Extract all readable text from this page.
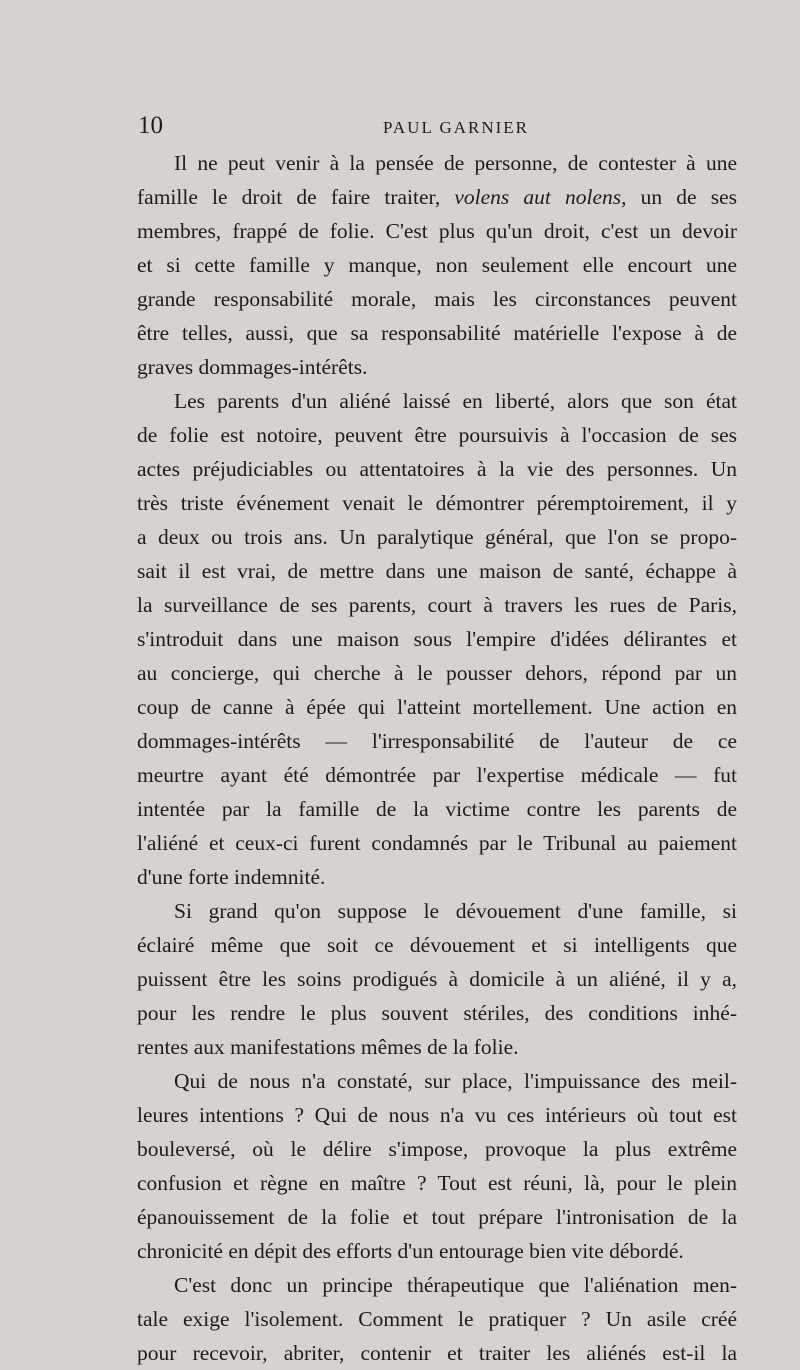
10	PAUL GARNIER
Il ne peut venir à la pensée de personne, de contester à une
famille le droit de faire traiter, volens aut nolens, un de ses
membres, frappé de folie. C'est plus qu'un droit, c'est un devoir
et si cette famille y manque, non seulement elle encourt une
grande responsabilité morale, mais les circonstances peuvent
être telles, aussi, que sa responsabilité matérielle l'expose à de
graves dommages-intérêts.
Les parents d'un aliéné laissé en liberté, alors que son état
de folie est notoire, peuvent être poursuivis à l'occasion de ses
actes préjudiciables ou attentatoires à la vie des personnes. Un
très triste événement venait le démontrer péremptoirement, il y
a deux ou trois ans. Un paralytique général, que l'on se propo-
sait il est vrai, de mettre dans une maison de santé, échappe à
la surveillance de ses parents, court à travers les rues de Paris,
s'introduit dans une maison sous l'empire d'idées délirantes et
au concierge, qui cherche à le pousser dehors, répond par un
coup de canne à épée qui l'atteint mortellement. Une action en
dommages-intérêts — l'irresponsabilité de l'auteur de ce
meurtre ayant été démontrée par l'expertise médicale — fut
intentée par la famille de la victime contre les parents de
l'aliéné et ceux-ci furent condamnés par le Tribunal au paiement
d'une forte indemnité.
Si grand qu'on suppose le dévouement d'une famille, si
éclairé même que soit ce dévouement et si intelligents que
puissent être les soins prodigués à domicile à un aliéné, il y a,
pour les rendre le plus souvent stériles, des conditions inhé-
rentes aux manifestations mêmes de la folie.
Qui de nous n'a constaté, sur place, l'impuissance des meil-
leures intentions ? Qui de nous n'a vu ces intérieurs où tout est
bouleversé, où le délire s'impose, provoque la plus extrême
confusion et règne en maître ? Tout est réuni, là, pour le plein
épanouissement de la folie et tout prépare l'intronisation de la
chronicité en dépit des efforts d'un entourage bien vite débordé.
C'est donc un principe thérapeutique que l'aliénation men-
tale exige l'isolement. Comment le pratiquer ? Un asile créé
pour recevoir, abriter, contenir et traiter les aliénés est-il la
